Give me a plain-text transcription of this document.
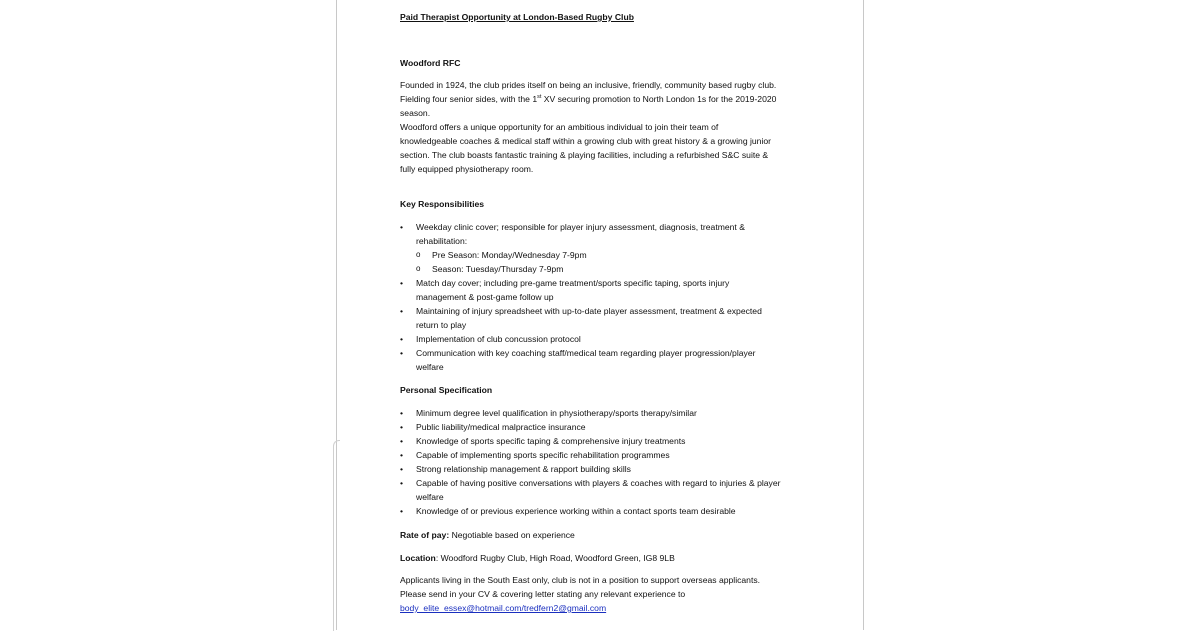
Paid Therapist Opportunity at London-Based Rugby Club

Woodford RFC

Founded in 1924, the club prides itself on being an inclusive, friendly, community based rugby club.

Fielding four senior sides, with the 1st XV securing promotion to North London 1s for the 2019-2020

season.

Woodford offers a unique opportunity for an ambitious individual to join their team of

knowledgeable coaches & medical staff within a growing club with great history & a growing junior

section. The club boasts fantastic training & playing facilities, including a refurbished S&C suite &

fully equipped physiotherapy room.

Key Responsibilities

• Weekday clinic cover; responsible for player injury assessment, diagnosis, treatment &
rehabilitation:
o Pre Season: Monday/Wednesday 7-9pm
o Season: Tuesday/Thursday 7-9pm
• Match day cover; including pre-game treatment/sports specific taping, sports injury
management & post-game follow up
• Maintaining of injury spreadsheet with up-to-date player assessment, treatment & expected
return to play
• Implementation of club concussion protocol
• Communication with key coaching staff/medical team regarding player progression/player
welfare

Personal Specification

• Minimum degree level qualification in physiotherapy/sports therapy/similar
• Public liability/medical malpractice insurance
• Knowledge of sports specific taping & comprehensive injury treatments
• Capable of implementing sports specific rehabilitation programmes
• Strong relationship management & rapport building skills
• Capable of having positive conversations with players & coaches with regard to injuries & player
welfare
• Knowledge of or previous experience working within a contact sports team desirable

Rate of pay: Negotiable based on experience

Location: Woodford Rugby Club, High Road, Woodford Green, IG8 9LB

Applicants living in the South East only, club is not in a position to support overseas applicants.

Please send in your CV & covering letter stating any relevant experience to

body_elite_essex@hotmail.com/tredfern2@gmail.com
